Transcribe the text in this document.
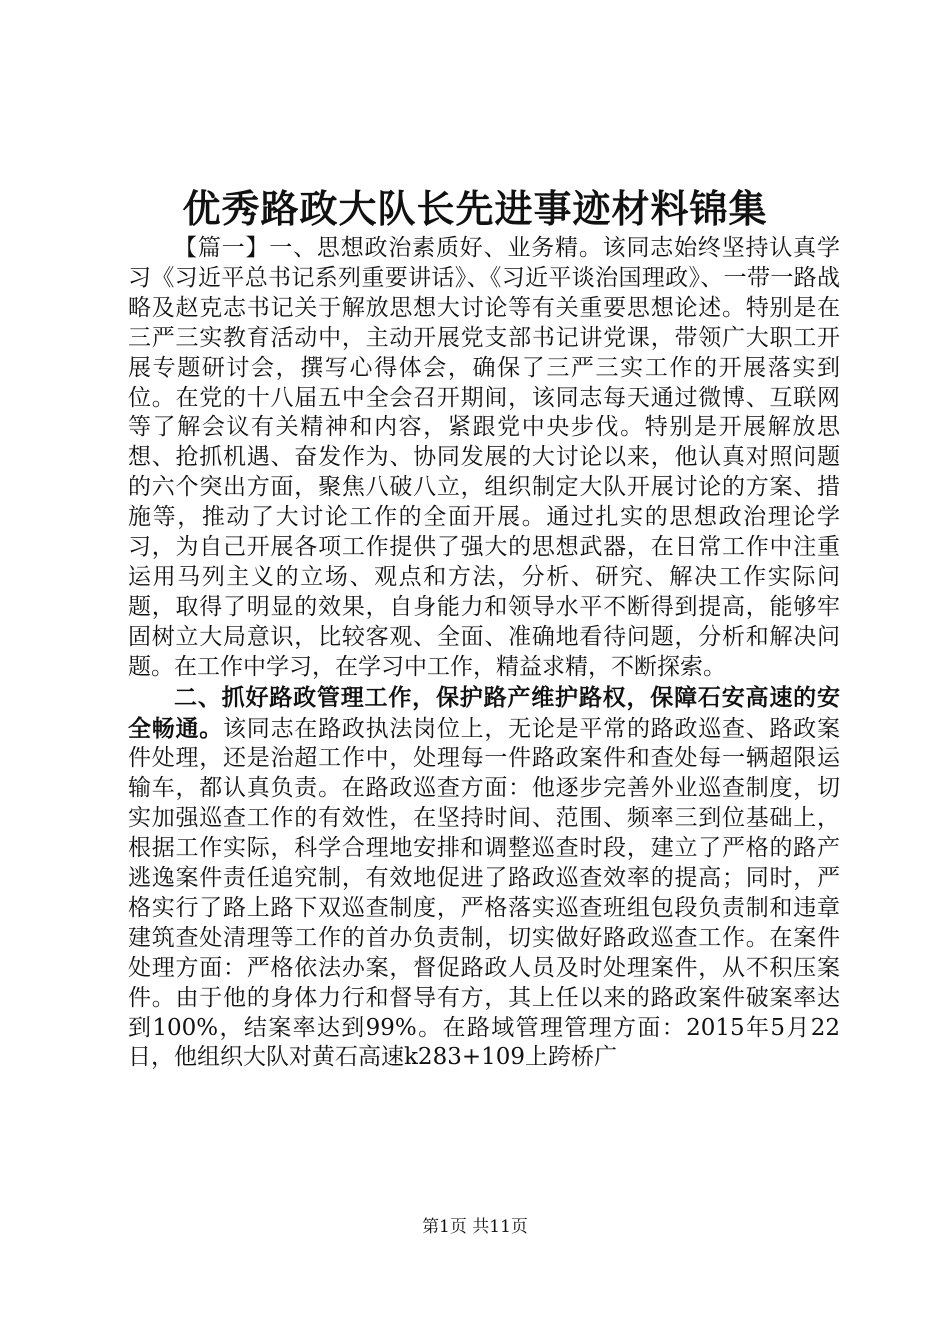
优秀路政大队长先进事迹材料锦集

【篇一】一、思想政治素质好、业务精。该同志始终坚持认真学习《习近平总书记系列重要讲话》、《习近平谈治国理政》、一带一路战略及赵克志书记关于解放思想大讨论等有关重要思想论述。特别是在三严三实教育活动中，主动开展党支部书记讲党课，带领广大职工开展专题研讨会，撰写心得体会，确保了三严三实工作的开展落实到位。在党的十八届五中全会召开期间，该同志每天通过微博、互联网等了解会议有关精神和内容，紧跟党中央步伐。特别是开展解放思想、抢抓机遇、奋发作为、协同发展的大讨论以来，他认真对照问题的六个突出方面，聚焦八破八立，组织制定大队开展讨论的方案、措施等，推动了大讨论工作的全面开展。通过扎实的思想政治理论学习，为自己开展各项工作提供了强大的思想武器，在日常工作中注重运用马列主义的立场、观点和方法，分析、研究、解决工作实际问题，取得了明显的效果，自身能力和领导水平不断得到提高，能够牢固树立大局意识，比较客观、全面、准确地看待问题，分析和解决问题。在工作中学习，在学习中工作，精益求精，不断探索。

二、抓好路政管理工作，保护路产维护路权，保障石安高速的安全畅通。该同志在路政执法岗位上，无论是平常的路政巡查、路政案件处理，还是治超工作中，处理每一件路政案件和查处每一辆超限运输车，都认真负责。在路政巡查方面：他逐步完善外业巡查制度，切实加强巡查工作的有效性，在坚持时间、范围、频率三到位基础上，根据工作实际，科学合理地安排和调整巡查时段，建立了严格的路产逃逸案件责任追究制，有效地促进了路政巡查效率的提高；同时，严格实行了路上路下双巡查制度，严格落实巡查班组包段负责制和违章建筑查处清理等工作的首办负责制，切实做好路政巡查工作。在案件处理方面：严格依法办案，督促路政人员及时处理案件，从不积压案件。由于他的身体力行和督导有方，其上任以来的路政案件破案率达到100%，结案率达到99%。在路域管理管理方面：2015年5月22日，他组织大队对黄石高速k283+109上跨桥广

第1页 共11页
